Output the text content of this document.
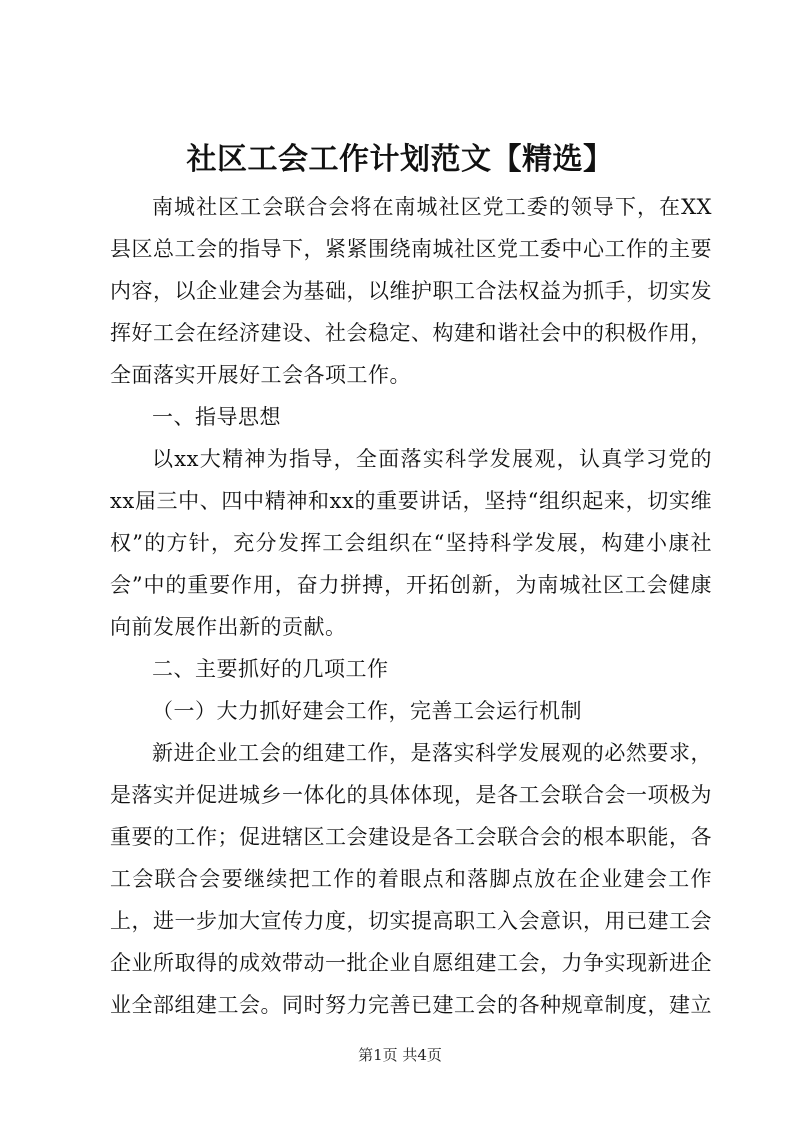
社区工会工作计划范文【精选】

南城社区工会联合会将在南城社区党工委的领导下，在XX县区总工会的指导下，紧紧围绕南城社区党工委中心工作的主要内容，以企业建会为基础，以维护职工合法权益为抓手，切实发挥好工会在经济建设、社会稳定、构建和谐社会中的积极作用，全面落实开展好工会各项工作。

一、指导思想

以xx大精神为指导，全面落实科学发展观，认真学习党的xx届三中、四中精神和xx的重要讲话，坚持“组织起来，切实维权”的方针，充分发挥工会组织在“坚持科学发展，构建小康社会”中的重要作用，奋力拼搏，开拓创新，为南城社区工会健康向前发展作出新的贡献。

二、主要抓好的几项工作

（一）大力抓好建会工作，完善工会运行机制

新进企业工会的组建工作，是落实科学发展观的必然要求，是落实并促进城乡一体化的具体体现，是各工会联合会一项极为重要的工作；促进辖区工会建设是各工会联合会的根本职能，各工会联合会要继续把工作的着眼点和落脚点放在企业建会工作上，进一步加大宣传力度，切实提高职工入会意识，用已建工会企业所取得的成效带动一批企业自愿组建工会，力争实现新进企业全部组建工会。同时努力完善已建工会的各种规章制度，建立

第1页 共4页
